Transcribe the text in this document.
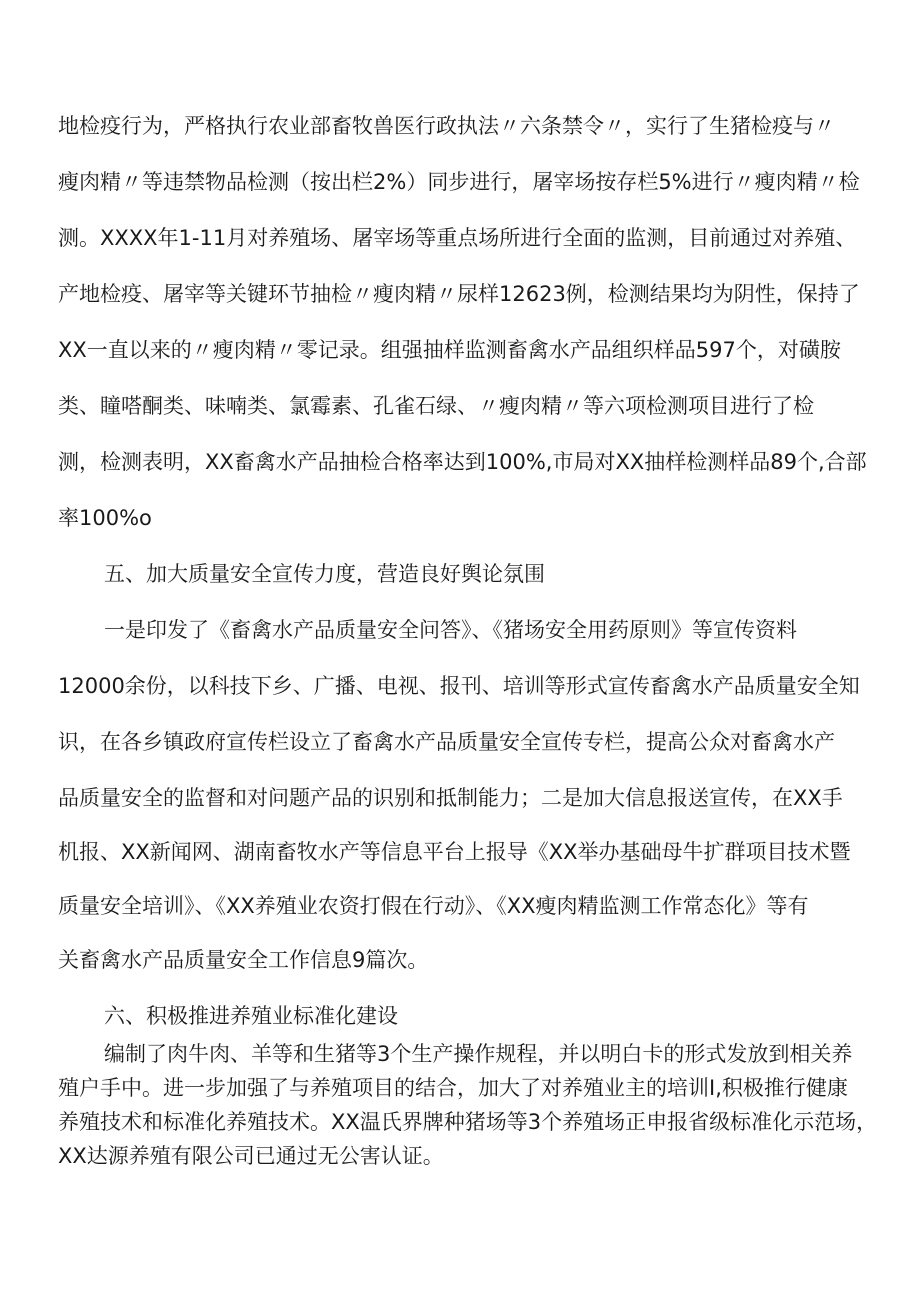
地检疫行为，严格执行农业部畜牧兽医行政执法〃六条禁令〃，实行了生猪检疫与〃
瘦肉精〃等违禁物品检测（按出栏2%）同步进行，屠宰场按存栏5%进行〃瘦肉精〃检
测。XXXX年1-11月对养殖场、屠宰场等重点场所进行全面的监测，目前通过对养殖、
产地检疫、屠宰等关键环节抽检〃瘦肉精〃尿样12623例，检测结果均为阴性，保持了
XX一直以来的〃瘦肉精〃零记录。组强抽样监测畜禽水产品组织样品597个，对磺胺
类、瞳嗒酮类、味喃类、氯霉素、孔雀石绿、〃瘦肉精〃等六项检测项目进行了检
测，检测表明，XX畜禽水产品抽检合格率达到100%,市局对XX抽样检测样品89个,合部
率100%o
五、加大质量安全宣传力度，营造良好舆论氛围
一是印发了《畜禽水产品质量安全问答》、《猪场安全用药原则》等宣传资料
12000余份，以科技下乡、广播、电视、报刊、培训等形式宣传畜禽水产品质量安全知
识，在各乡镇政府宣传栏设立了畜禽水产品质量安全宣传专栏，提高公众对畜禽水产
品质量安全的监督和对问题产品的识别和抵制能力；二是加大信息报送宣传，在XX手
机报、XX新闻网、湖南畜牧水产等信息平台上报导《XX举办基础母牛扩群项目技术暨
质量安全培训》、《XX养殖业农资打假在行动》、《XX瘦肉精监测工作常态化》等有
关畜禽水产品质量安全工作信息9篇次。
六、积极推进养殖业标准化建设
编制了肉牛肉、羊等和生猪等3个生产操作规程，并以明白卡的形式发放到相关养
殖户手中。进一步加强了与养殖项目的结合，加大了对养殖业主的培训I,积极推行健康
养殖技术和标准化养殖技术。XX温氏界牌种猪场等3个养殖场正申报省级标准化示范场，
XX达源养殖有限公司已通过无公害认证。
